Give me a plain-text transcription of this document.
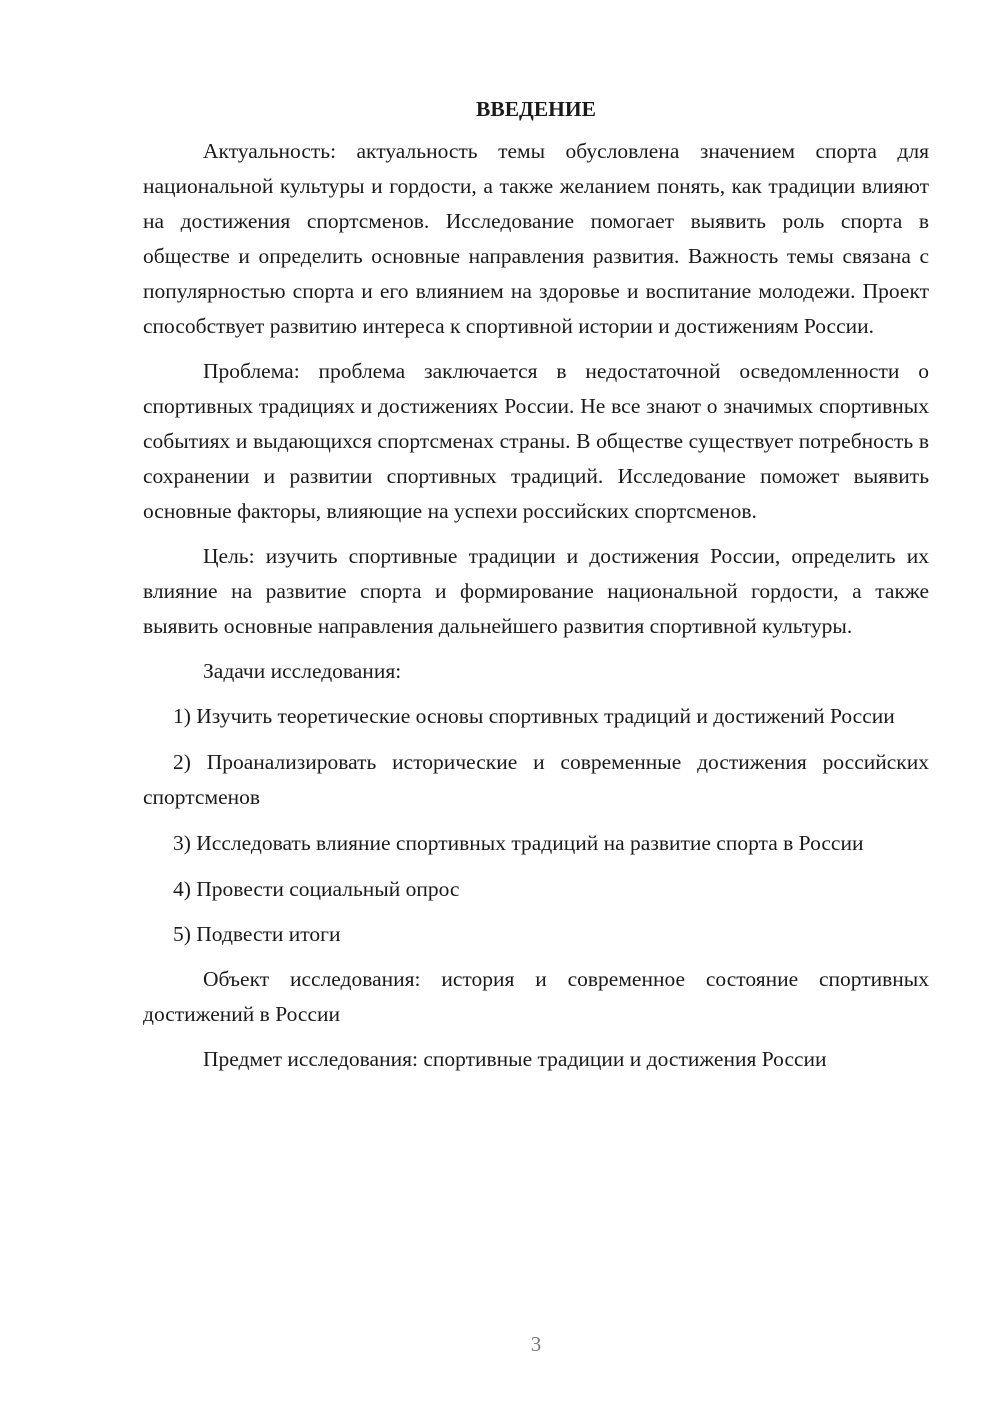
ВВЕДЕНИЕ

Актуальность: актуальность темы обусловлена значением спорта для национальной культуры и гордости, а также желанием понять, как традиции влияют на достижения спортсменов. Исследование помогает выявить роль спорта в обществе и определить основные направления развития. Важность темы связана с популярностью спорта и его влиянием на здоровье и воспитание молодежи. Проект способствует развитию интереса к спортивной истории и достижениям России.

Проблема: проблема заключается в недостаточной осведомленности о спортивных традициях и достижениях России. Не все знают о значимых спортивных событиях и выдающихся спортсменах страны. В обществе существует потребность в сохранении и развитии спортивных традиций. Исследование поможет выявить основные факторы, влияющие на успехи российских спортсменов.

Цель: изучить спортивные традиции и достижения России, определить их влияние на развитие спорта и формирование национальной гордости, а также выявить основные направления дальнейшего развития спортивной культуры.

Задачи исследования:

1) Изучить теоретические основы спортивных традиций и достижений России

2) Проанализировать исторические и современные достижения российских спортсменов

3) Исследовать влияние спортивных традиций на развитие спорта в России

4) Провести социальный опрос

5) Подвести итоги

Объект исследования: история и современное состояние спортивных достижений в России

Предмет исследования: спортивные традиции и достижения России

3
